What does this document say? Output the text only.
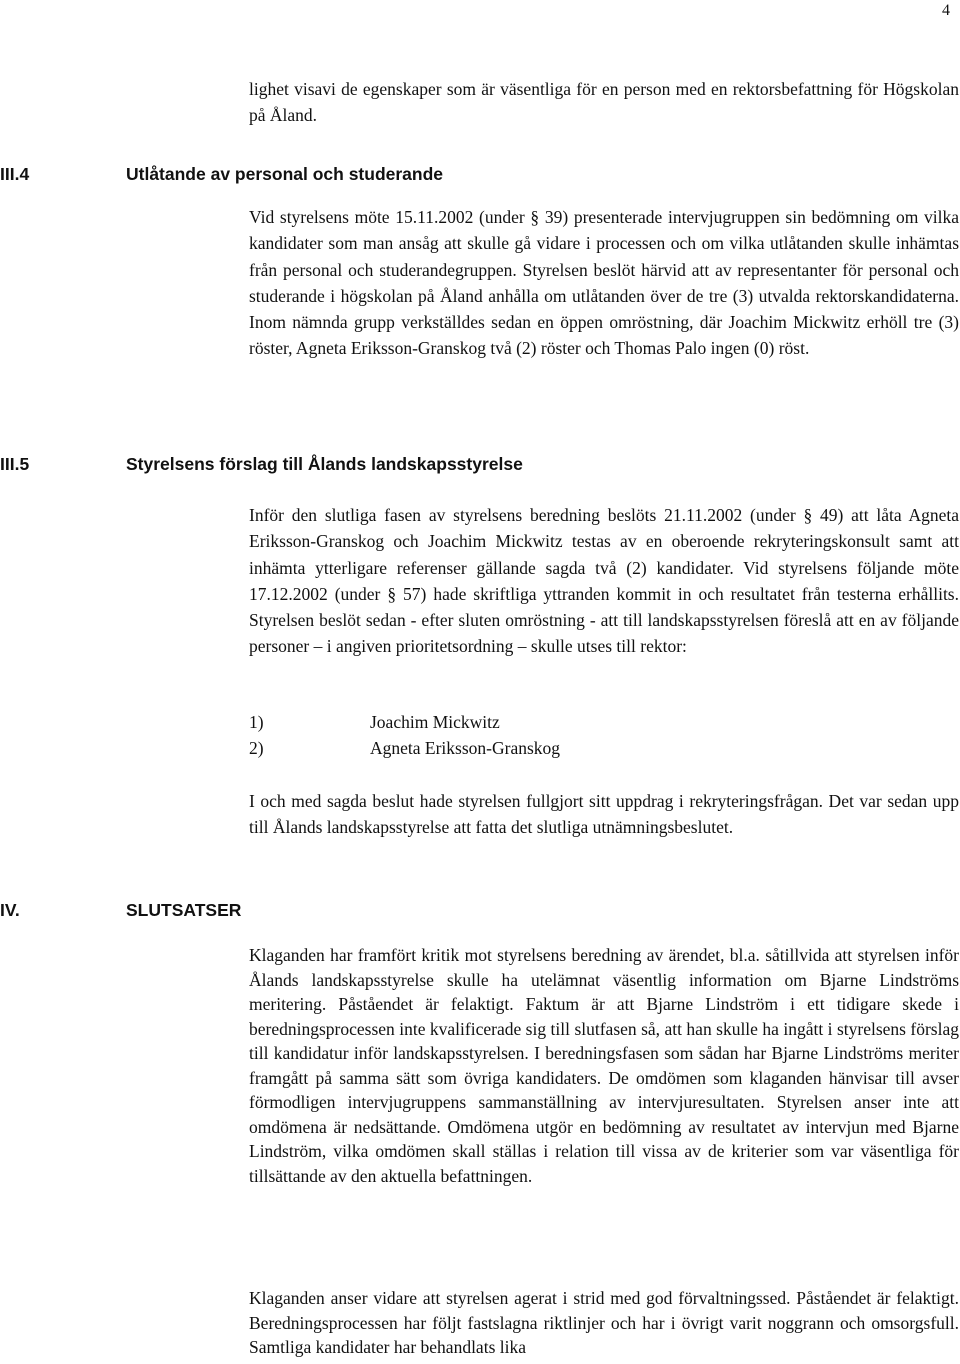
4

lighet visavi de egenskaper som är väsentliga för en person med en rektorsbefattning för Högskolan på Åland.

III.4	Utlåtande av personal och studerande

Vid styrelsens möte 15.11.2002 (under § 39) presenterade intervjugruppen sin bedömning om vilka kandidater som man ansåg att skulle gå vidare i processen och om vilka utlåtanden skulle inhämtas från personal och studerandegruppen. Styrelsen beslöt härvid att av representanter för personal och studerande i högskolan på Åland anhålla om utlåtanden över de tre (3) utvalda rektorskandidaterna. Inom nämnda grupp verkställdes sedan en öppen omröstning, där Joachim Mickwitz erhöll tre (3) röster, Agneta Eriksson-Granskog två (2) röster och Thomas Palo ingen (0) röst.

III.5	Styrelsens förslag till Ålands landskapsstyrelse

Inför den slutliga fasen av styrelsens beredning beslöts 21.11.2002 (under § 49) att låta Agneta Eriksson-Granskog och Joachim Mickwitz testas av en oberoende rekryteringskonsult samt att inhämta ytterligare referenser gällande sagda två (2) kandidater. Vid styrelsens följande möte 17.12.2002 (under § 57) hade skriftliga yttranden kommit in och resultatet från testerna erhållits. Styrelsen beslöt sedan - efter sluten omröstning - att till landskapsstyrelsen föreslå att en av följande personer – i angiven prioritetsordning – skulle utses till rektor:

1)	Joachim Mickwitz
2)	Agneta Eriksson-Granskog

I och med sagda beslut hade styrelsen fullgjort sitt uppdrag i rekryteringsfrågan. Det var sedan upp till Ålands landskapsstyrelse att fatta det slutliga utnämningsbeslutet.

IV.	SLUTSATSER

Klaganden har framfört kritik mot styrelsens beredning av ärendet, bl.a. såtillvida att styrelsen inför Ålands landskapsstyrelse skulle ha utelämnat väsentlig information om Bjarne Lindströms meritering. Påståendet är felaktigt. Faktum är att Bjarne Lindström i ett tidigare skede i beredningsprocessen inte kvalificerade sig till slutfasen så, att han skulle ha ingått i styrelsens förslag till kandidatur inför landskapsstyrelsen. I beredningsfasen som sådan har Bjarne Lindströms meriter framgått på samma sätt som övriga kandidaters. De omdömen som klaganden hänvisar till avser förmodligen intervjugruppens sammanställning av intervjuresultaten. Styrelsen anser inte att omdömena är nedsättande. Omdömena utgör en bedömning av resultatet av intervjun med Bjarne Lindström, vilka omdömen skall ställas i relation till vissa av de kriterier som var väsentliga för tillsättande av den aktuella befattningen.

Klaganden anser vidare att styrelsen agerat i strid med god förvaltningssed. Påståendet är felaktigt. Beredningsprocessen har följt fastslagna riktlinjer och har i övrigt varit noggrann och omsorgsfull. Samtliga kandidater har behandlats lika
